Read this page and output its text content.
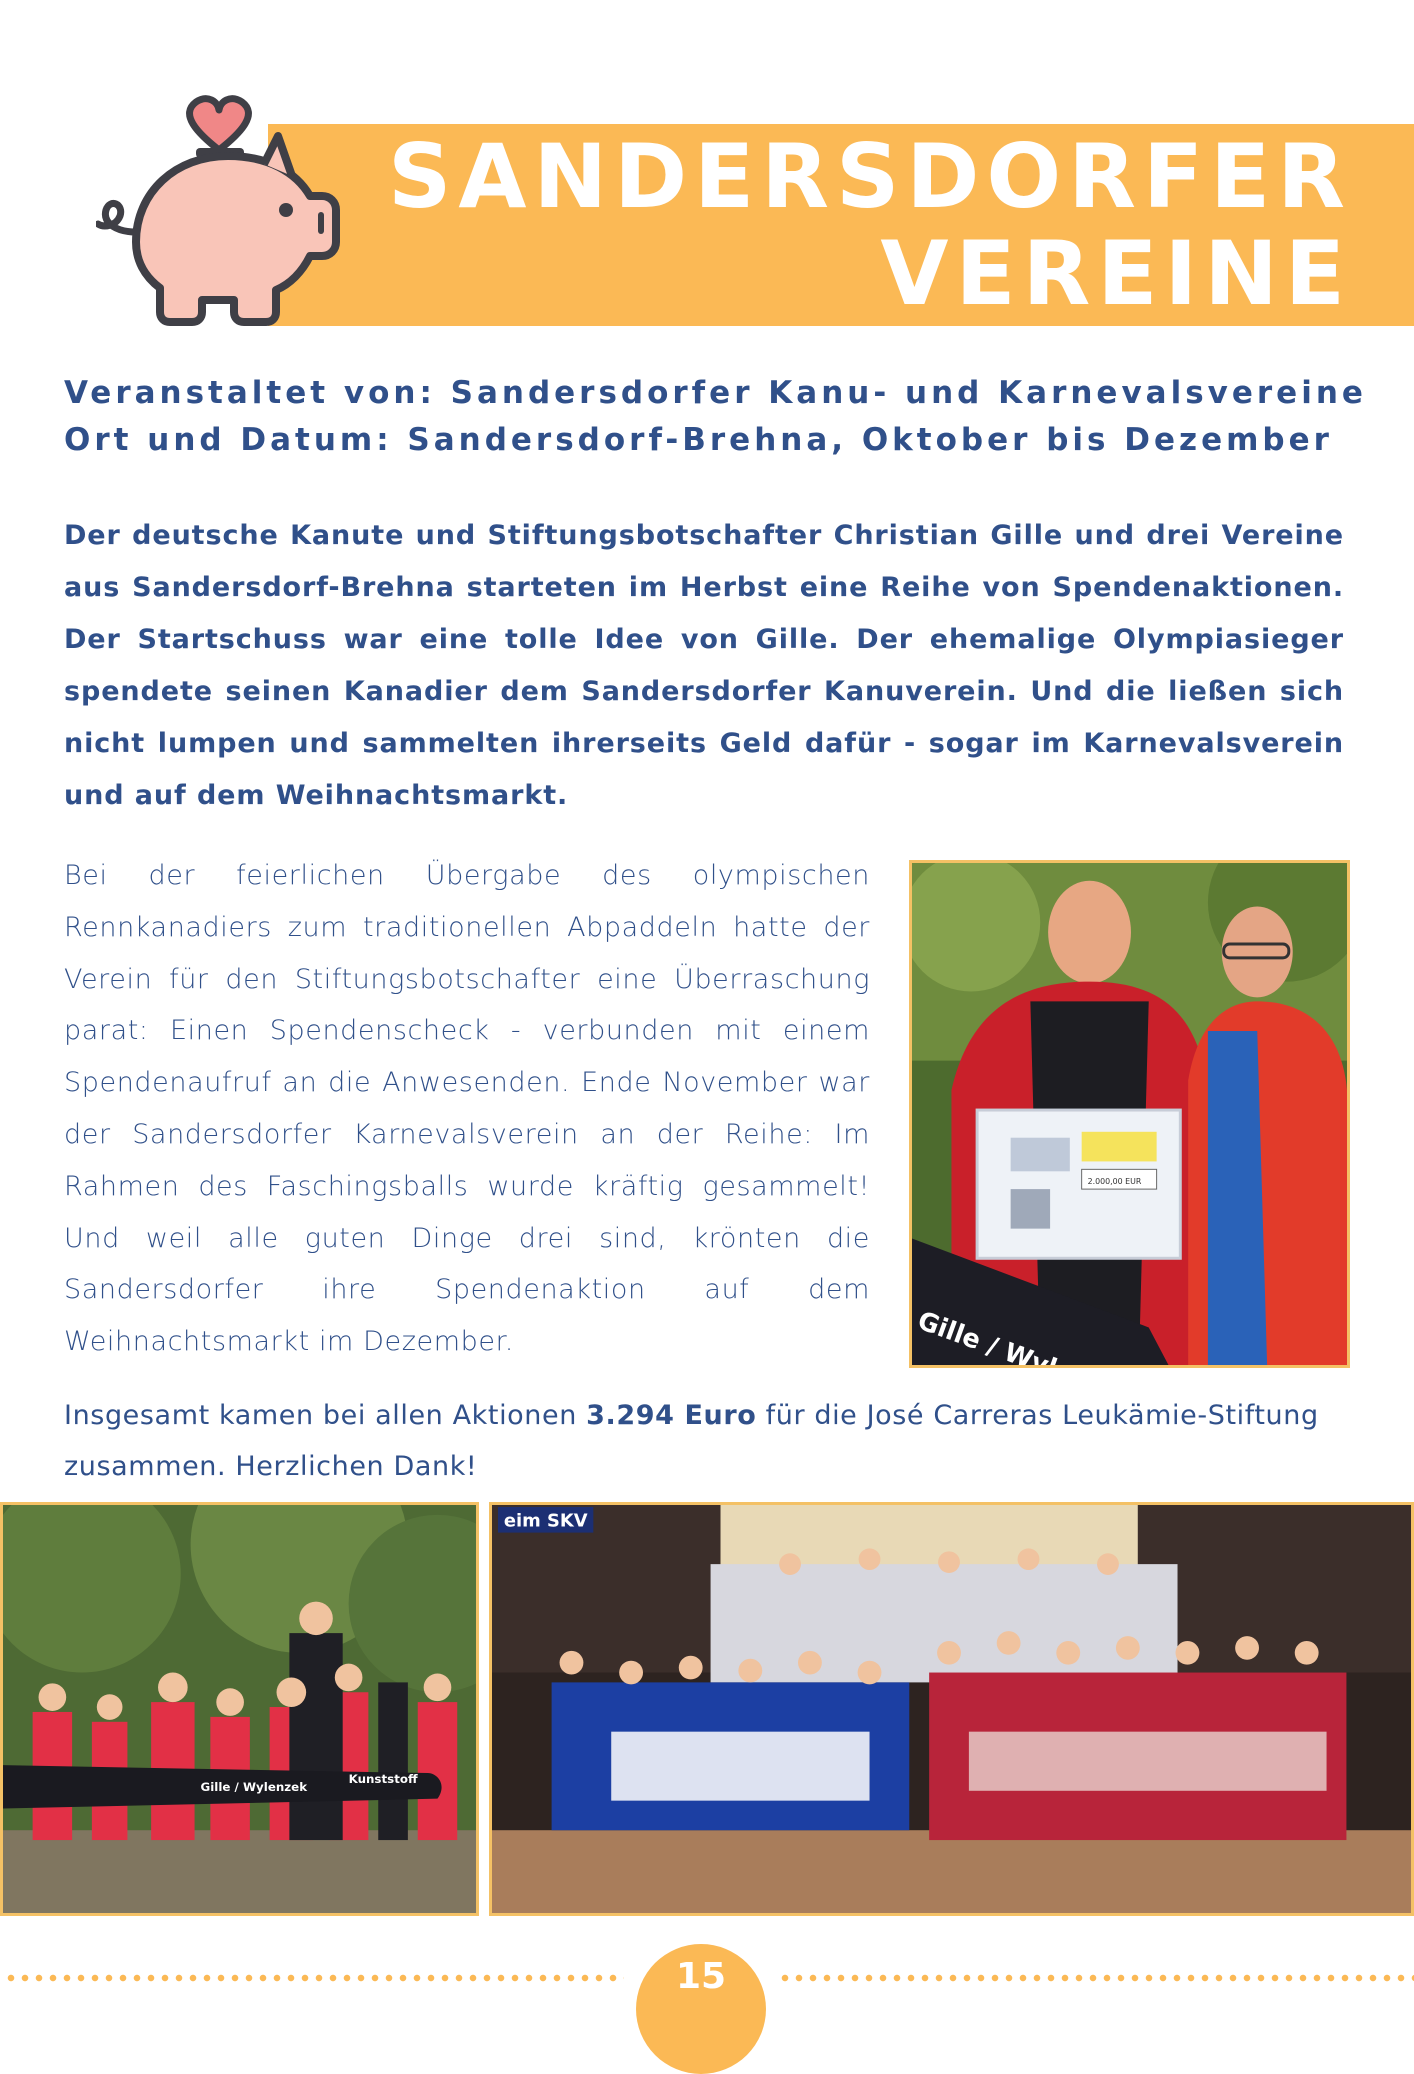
SANDERSDORFER
VEREINE
Veranstaltet von: Sandersdorfer Kanu- und Karnevalsvereine
Ort und Datum: Sandersdorf-Brehna, Oktober bis Dezember
Der deutsche Kanute und Stiftungsbotschafter Christian Gille und drei Vereine aus Sandersdorf-Brehna starteten im Herbst eine Reihe von Spendenaktionen. Der Startschuss war eine tolle Idee von Gille. Der ehemalige Olympiasieger spendete seinen Kanadier dem Sandersdorfer Kanuverein. Und die ließen sich nicht lumpen und sammelten ihrerseits Geld dafür - sogar im Karnevalsverein und auf dem Weihnachtsmarkt.
Bei der feierlichen Übergabe des olympischen Rennkanadiers zum traditionellen Abpaddeln hatte der Verein für den Stiftungsbotschafter eine Überraschung parat: Einen Spendenscheck - verbunden mit einem Spendenaufruf an die Anwesenden. Ende November war der Sandersdorfer Karnevalsverein an der Reihe: Im Rahmen des Faschingsballs wurde kräftig gesammelt! Und weil alle guten Dinge drei sind, krönten die Sandersdorfer ihre Spendenaktion auf dem Weihnachtsmarkt im Dezember.
Insgesamt kamen bei allen Aktionen 3.294 Euro für die José Carreras Leukämie-Stiftung zusammen. Herzlichen Dank!
2.000,00 EUR
Gille / Wylenzek
Kunststoff
eim SKV
15
